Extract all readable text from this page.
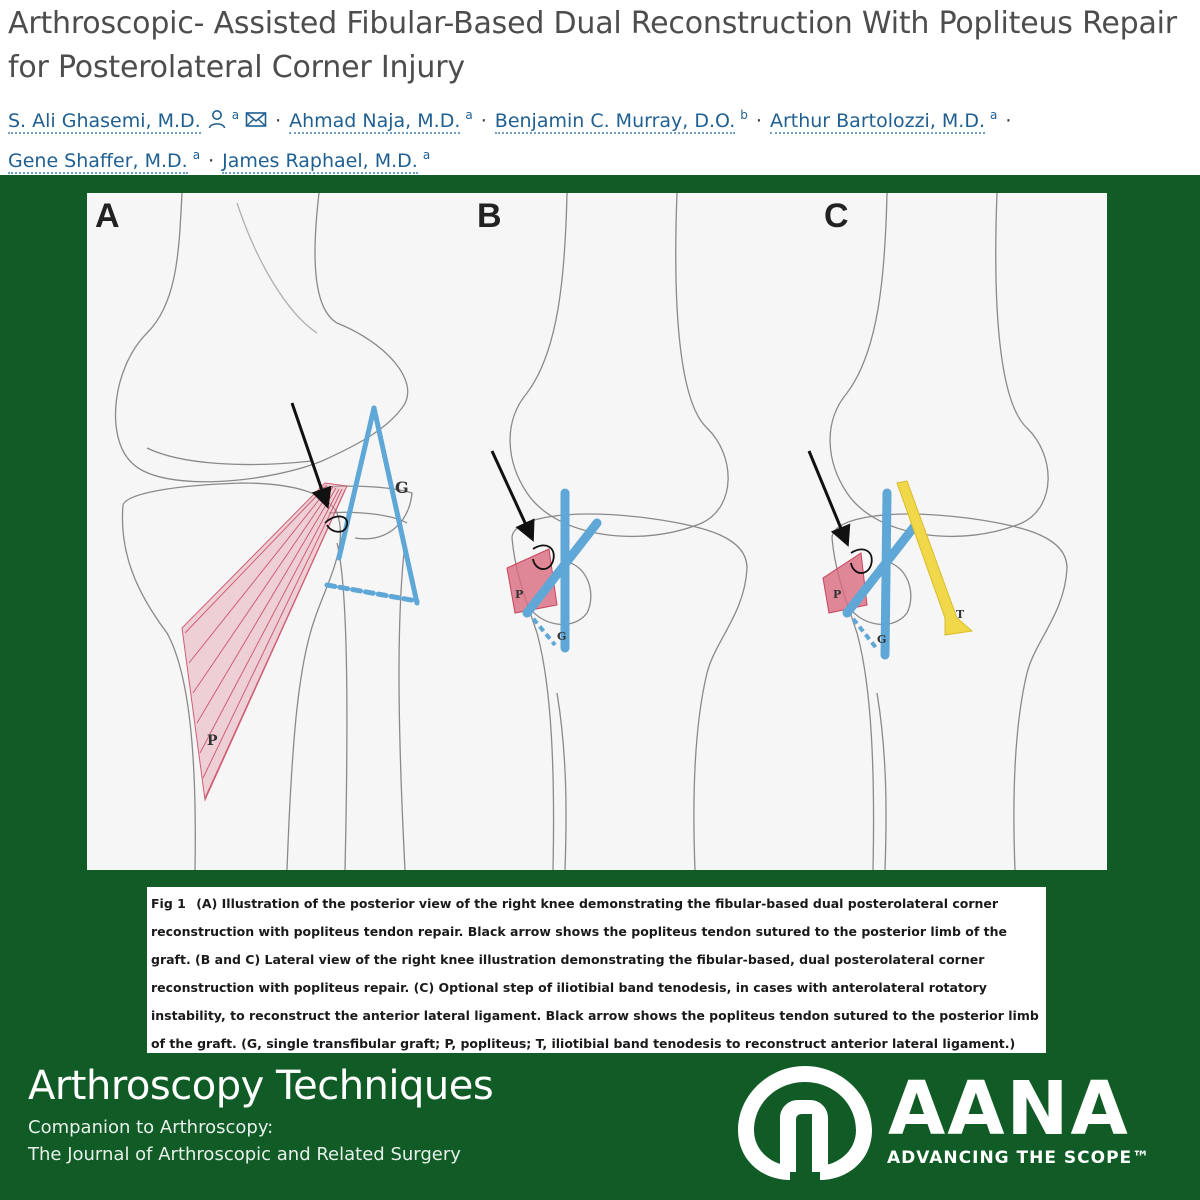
Arthroscopic- Assisted Fibular-Based Dual Reconstruction With Popliteus Repair for Posterolateral Corner Injury
S. Ali Ghasemi, M.D.	$^a$ · Ahmad Naja, M.D. $^a$ · Benjamin C. Murray, D.O. $^b$ · Arthur Bartolozzi, M.D. $^a$ ·
Gene Shaffer, M.D. $^a$ · James Raphael, M.D. $^a$
A	B	C
G
P
P
G
P
G
T
Fig 1 (A) Illustration of the posterior view of the right knee demonstrating the fibular-based dual posterolateral corner reconstruction with popliteus tendon repair. Black arrow shows the popliteus tendon sutured to the posterior limb of the graft. (B and C) Lateral view of the right knee illustration demonstrating the fibular-based, dual posterolateral corner reconstruction with popliteus repair. (C) Optional step of iliotibial band tenodesis, in cases with anterolateral rotatory instability, to reconstruct the anterior lateral ligament. Black arrow shows the popliteus tendon sutured to the posterior limb of the graft. (G, single transfibular graft; P, popliteus; T, iliotibial band tenodesis to reconstruct anterior lateral ligament.)
Arthroscopy Techniques
Companion to Arthroscopy:
The Journal of Arthroscopic and Related Surgery
AANA
ADVANCING THE SCOPE™
